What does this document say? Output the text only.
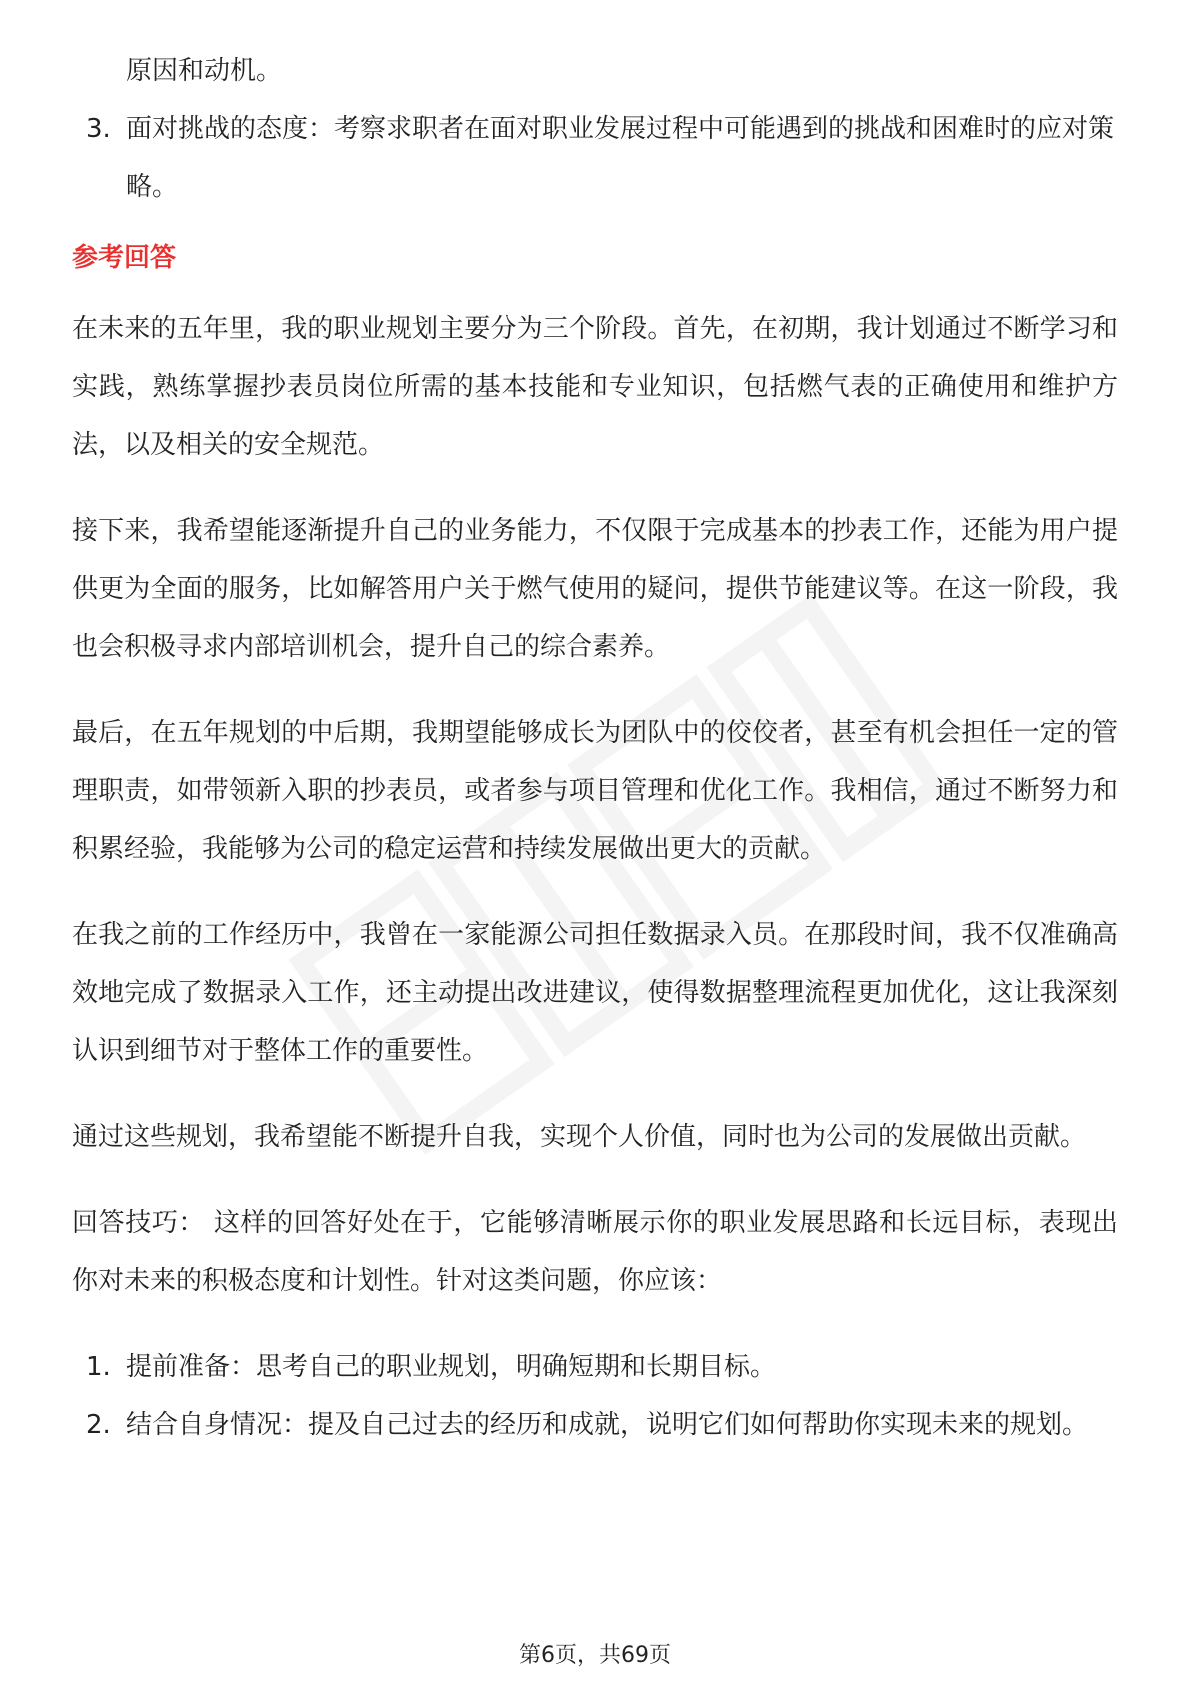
原因和动机。
3. 面对挑战的态度：考察求职者在面对职业发展过程中可能遇到的挑战和困难时的应对策略。
参考回答

在未来的五年里，我的职业规划主要分为三个阶段。首先，在初期，我计划通过不断学习和实践，熟练掌握抄表员岗位所需的基本技能和专业知识，包括燃气表的正确使用和维护方法，以及相关的安全规范。

接下来，我希望能逐渐提升自己的业务能力，不仅限于完成基本的抄表工作，还能为用户提供更为全面的服务，比如解答用户关于燃气使用的疑问，提供节能建议等。在这一阶段，我也会积极寻求内部培训机会，提升自己的综合素养。

最后，在五年规划的中后期，我期望能够成长为团队中的佼佼者，甚至有机会担任一定的管理职责，如带领新入职的抄表员，或者参与项目管理和优化工作。我相信，通过不断努力和积累经验，我能够为公司的稳定运营和持续发展做出更大的贡献。

在我之前的工作经历中，我曾在一家能源公司担任数据录入员。在那段时间，我不仅准确高效地完成了数据录入工作，还主动提出改进建议，使得数据整理流程更加优化，这让我深刻认识到细节对于整体工作的重要性。

通过这些规划，我希望能不断提升自我，实现个人价值，同时也为公司的发展做出贡献。

回答技巧： 这样的回答好处在于，它能够清晰展示你的职业发展思路和长远目标，表现出你对未来的积极态度和计划性。针对这类问题，你应该：

1. 提前准备：思考自己的职业规划，明确短期和长期目标。
2. 结合自身情况：提及自己过去的经历和成就，说明它们如何帮助你实现未来的规划。
第6页，共69页
